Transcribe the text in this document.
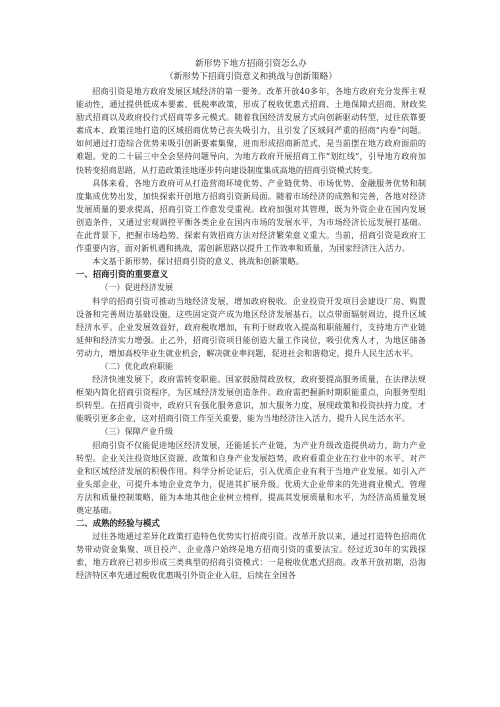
新形势下地方招商引资怎么办

（新形势下招商引资意义和挑战与创新策略）

招商引资是地方政府发展区域经济的第一要务。改革开放40多年，各地方政府充分发挥主观能动性，通过提供低成本要素、低税率政策，形成了税收优惠式招商、土地保障式招商、财政奖励式招商以及政府投行式招商等多元模式。随着我国经济发展方式向创新驱动转型，过往依靠要素成本、政策洼地打造的区域招商优势已丧失吸引力，且引发了区域间严重的招商“内卷”问题。如何通过打造综合优势来吸引创新要素集聚，进而形成招商新范式，是当前摆在地方政府面前的难题。党的二十届三中全会坚持问题导向，为地方政府开展招商工作“划红线”，引导地方政府加快转变招商思路，从打造政策洼地逐步转向建设制度集成高地的招商引资模式转变。

具体来看，各地方政府可从打造营商环境优势、产业链优势、市场优势、金融服务优势和制度集成优势出发，加快探索开创地方招商引资新局面。随着市场经济的成熟和完善，各地对经济发展质量的要求提高，招商引资工作愈发受重视。政府加强对其管理，既为外资企业在国内发展创造条件，又通过宏观调控平衡各类企业在国内市场的发展水平，为市场经济长远发展打基础。在此背景下，把握市场趋势、探索有效招商方法对经济繁荣意义重大。当前，招商引资是政府工作重要内容，面对新机遇和挑战，需创新思路以提升工作效率和质量，为国家经济注入活力。

本文基于新形势，探讨招商引资的意义、挑战和创新策略。

一、招商引资的重要意义

（一）促进经济发展

科学的招商引资可推动当地经济发展，增加政府税收。企业投资开发项目会建设厂房、购置设备和完善周边基础设施，这些固定资产成为地区经济发展基石，以点带面辐射周边，提升区域经济水平。企业发展效益好，政府税收增加，有利于财政收入提高和职能履行，支持地方产业链延伸和经济实力增强。止乙外，招商引资项目能创造大量工作岗位，吸引优秀人才，为地区储备劳动力，增加高校毕业生就业机会，解决就业率问题，促进社会和谐稳定，提升人民生活水平。

（二）优化政府职能

经济快速发展下，政府需转变职能。国家鼓励简政放权，政府要提高服务质量，在法律法规框架内简化招商引资程序，为区域经济发展创造条件。政府需把握新时期职能重点，向服务型组织转型。在招商引资中，政府只有强化服务意识，加大服务力度，展现政策和投资扶持力度，才能吸引更多企业，这对招商引资工作至关重要，能为当地经济注入活力，提升人民生活水平。

（三）保障产业升级

招商引资不仅能促进地区经济发展，还能延长产业链，为产业升级改造提供动力，助力产业转型。企业关注投资地区资源、政策和自身产业发展趋势，政府看重企业在行业中的水平、对产业和区域经济发展的积极作用。科学分析论证后，引入优质企业有利于当地产业发展。如引入产业头部企业，可提升本地企业竞争力，促进其扩展升级。优质大企业带来的先进商业模式、管理方法和质量控制策略，能为本地其他企业树立榜样，提高其发展质量和水平，为经济高质量发展奠定基础。

二、成熟的经验与模式

过往各地通过差异化政策打造特色优势实行招商引资。改革开放以来，通过打造特色招商优势带动资金集聚、项目投产、企业落户始终是地方招商引资的重要法宝。经过近30年的实践探索，地方政府已初步形成三类典型的招商引资模式：一是税收优惠式招商。改革开放初期，沿海经济特区率先通过税收优惠吸引外资企业入驻，后续在全国各
